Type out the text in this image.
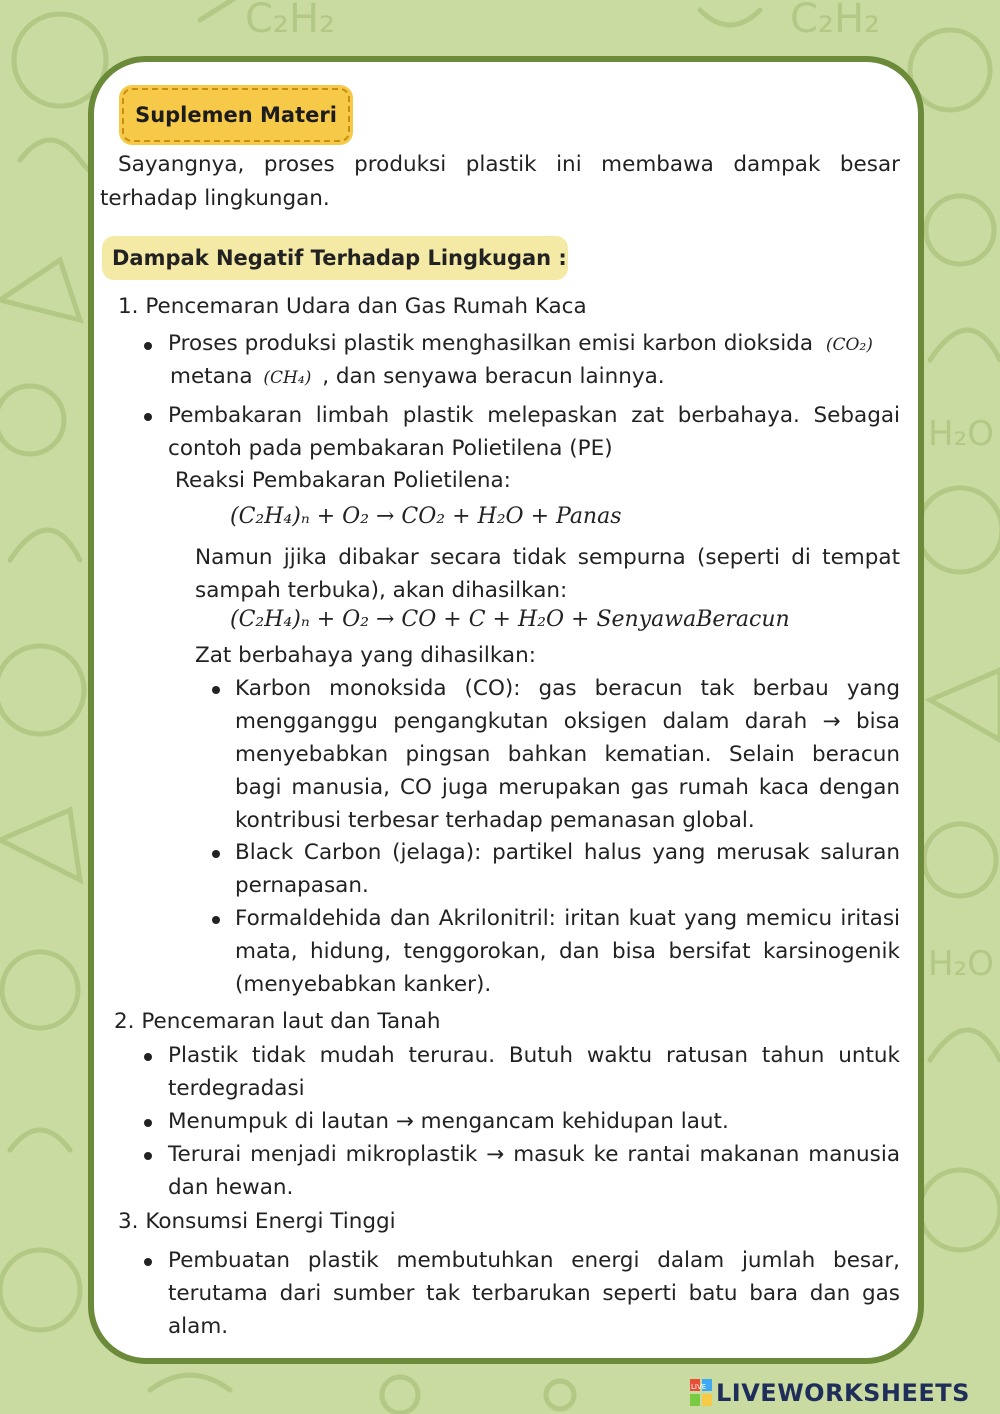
C₂H₂	C₂H₂
H₂O
H₂O
Suplemen Materi

Sayangnya, proses produksi plastik ini membawa dampak besar terhadap lingkungan.

Dampak Negatif Terhadap Lingkugan :
1. Pencemaran Udara dan Gas Rumah Kaca
Proses produksi plastik menghasilkan emisi karbon dioksida (CO₂)
metana (CH₄) , dan senyawa beracun lainnya.

Pembakaran limbah plastik melepaskan zat berbahaya. Sebagai contoh pada pembakaran Polietilena (PE)

Reaksi Pembakaran Polietilena:
(C₂H₄)ₙ + O₂ → CO₂ + H₂O + Panas

Namun jjika dibakar secara tidak sempurna (seperti di tempat sampah terbuka), akan dihasilkan:

(C₂H₄)ₙ + O₂ → CO + C + H₂O + SenyawaBeracun
Zat berbahaya yang dihasilkan:

Karbon monoksida (CO): gas beracun tak berbau yang mengganggu pengangkutan oksigen dalam darah → bisa menyebabkan pingsan bahkan kematian. Selain beracun bagi manusia, CO juga merupakan gas rumah kaca dengan kontribusi terbesar terhadap pemanasan global.

Black Carbon (jelaga): partikel halus yang merusak saluran pernapasan.

Formaldehida dan Akrilonitril: iritan kuat yang memicu iritasi mata, hidung, tenggorokan, dan bisa bersifat karsinogenik (menyebabkan kanker).

2. Pencemaran laut dan Tanah

Plastik tidak mudah terurau. Butuh waktu ratusan tahun untuk terdegradasi

Menumpuk di lautan → mengancam kehidupan laut.

Terurai menjadi mikroplastik → masuk ke rantai makanan manusia dan hewan.

3. Konsumsi Energi Tinggi

Pembuatan plastik membutuhkan energi dalam jumlah besar, terutama dari sumber tak terbarukan seperti batu bara dan gas alam.

LIVE LIVEWORKSHEETS
